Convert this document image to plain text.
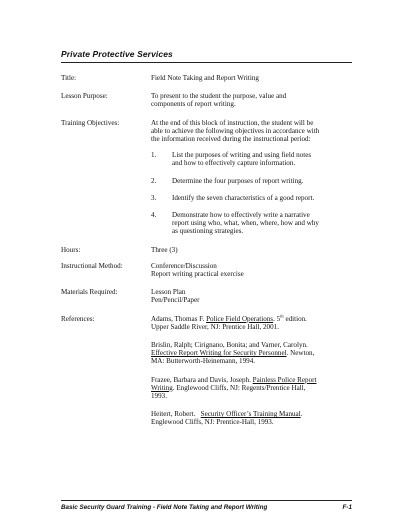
Private Protective Services
Title:	Field Note Taking and Report Writing
Lesson Purpose:	To present to the student the purpose, value and

components of report writing.

Training Objectives:	At the end of this block of instruction, the student will be

able to achieve the following objectives in accordance with

the information received during the instructional period:

1. List the purposes of writing and using field notes

and how to effectively capture information.

2. Determine the four purposes of report writing.

3. Identify the seven characteristics of a good report.

4. Demonstrate how to effectively write a narrative

report using who, what, when, where, how and why

as questioning strategies.

Hours:	Three (3)
Instructional Method:	Conference/Discussion

Report writing practical exercise

Materials Required:	Lesson Plan

Pen/Pencil/Paper

References:	Adams, Thomas F. Police Field Operations. 5th edition.

Upper Saddle River, NJ: Prentice Hall, 2001.

Brislin, Ralph; Cirignano, Bonita; and Varner, Carolyn.

Effective Report Writing for Security Personnel. Newton,

MA: Butterworth-Heinemann, 1994.

Frazee, Barbara and Davis, Joseph. Painless Police Report

Writing. Englewood Cliffs, NJ: Regents/Prentice Hall,

1993.

Heitert, Robert.   Security Officer’s Training Manual.

Englewood Cliffs, NJ: Prentice-Hall, 1993.

Basic Security Guard Training - Field Note Taking and Report Writing	F-1
